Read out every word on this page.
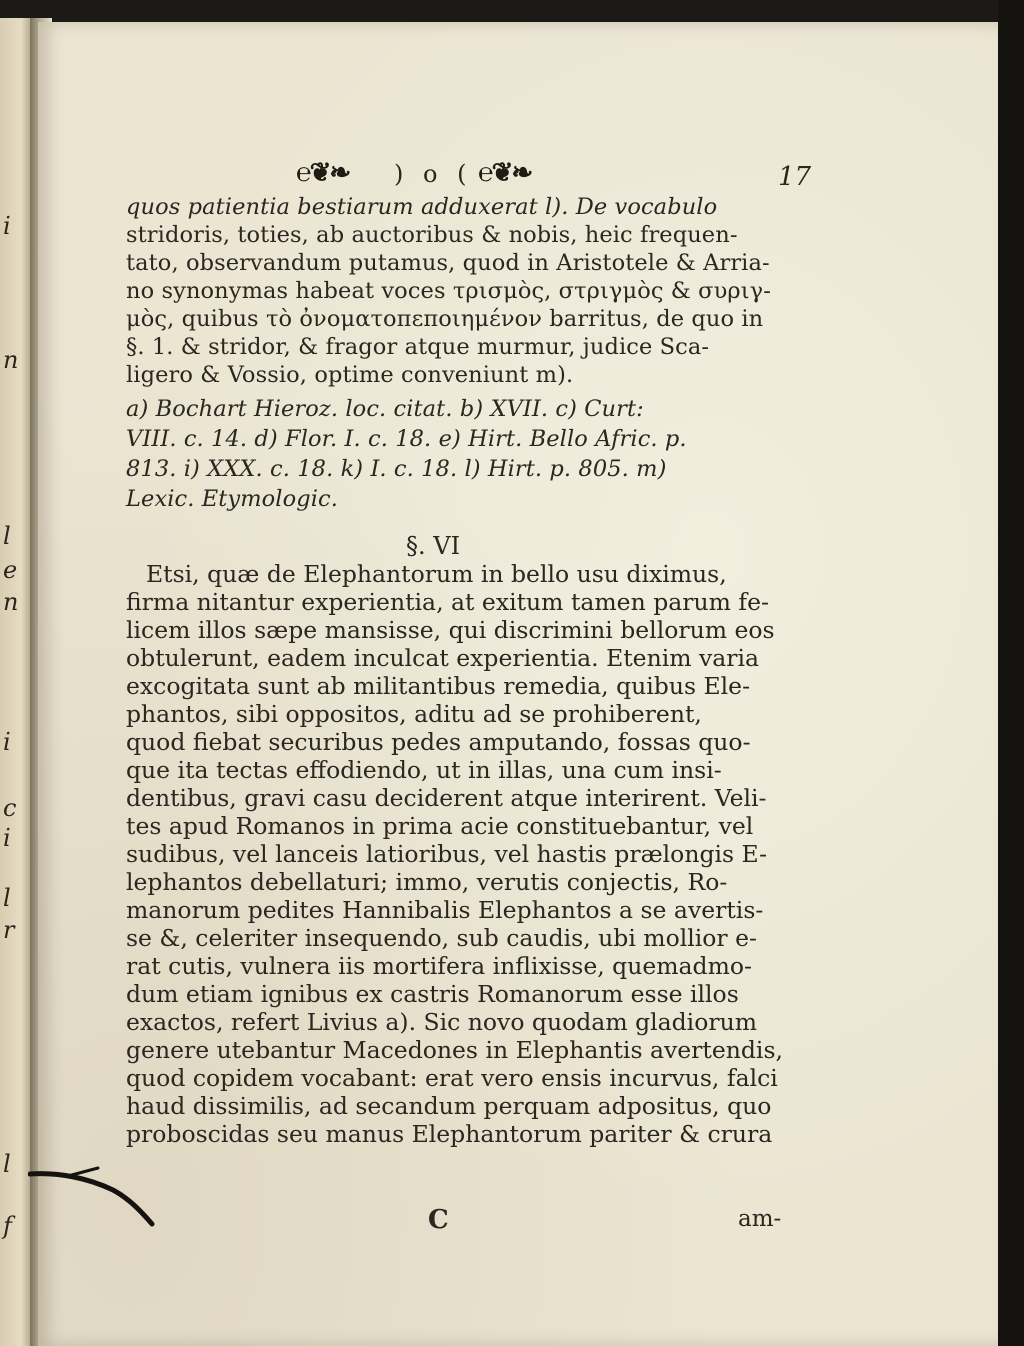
i
n
l
e
n
i
c
i
l
r
l
f
℮❦❧ ) o ( ℮❦❧	17
quos patientia bestiarum adduxerat l). De vocabulo
stridoris, toties, ab auctoribus & nobis, heic frequen-
tato, observandum putamus, quod in Aristotele & Arria-
no synonymas habeat voces τρισμὸς, στριγμὸς & συριγ-
μὸς, quibus τὸ ὀνοματοπεποιημένον barritus, de quo in
§. 1. & stridor, & fragor atque murmur, judice Sca-
ligero & Vossio, optime conveniunt m).
a) Bochart Hieroz. loc. citat. b) XVII. c) Curt:
VIII. c. 14. d) Flor. I. c. 18. e) Hirt. Bello Afric. p.
813. i) XXX. c. 18. k) I. c. 18. l) Hirt. p. 805. m)
Lexic. Etymologic.
§. VI
Etsi, quæ de Elephantorum in bello usu diximus,
firma nitantur experientia, at exitum tamen parum fe-
licem illos sæpe mansisse, qui discrimini bellorum eos
obtulerunt, eadem inculcat experientia. Etenim varia
excogitata sunt ab militantibus remedia, quibus Ele-
phantos, sibi oppositos, aditu ad se prohiberent,
quod fiebat securibus pedes amputando, fossas quo-
que ita tectas effodiendo, ut in illas, una cum insi-
dentibus, gravi casu deciderent atque interirent. Veli-
tes apud Romanos in prima acie constituebantur, vel
sudibus, vel lanceis latioribus, vel hastis prælongis E-
lephantos debellaturi; immo, verutis conjectis, Ro-
manorum pedites Hannibalis Elephantos a se avertis-
se &, celeriter insequendo, sub caudis, ubi mollior e-
rat cutis, vulnera iis mortifera inflixisse, quemadmo-
dum etiam ignibus ex castris Romanorum esse illos
exactos, refert Livius a). Sic novo quodam gladiorum
genere utebantur Macedones in Elephantis avertendis,
quod copidem vocabant: erat vero ensis incurvus, falci
haud dissimilis, ad secandum perquam adpositus, quo
proboscidas seu manus Elephantorum pariter & crura
C	am-
